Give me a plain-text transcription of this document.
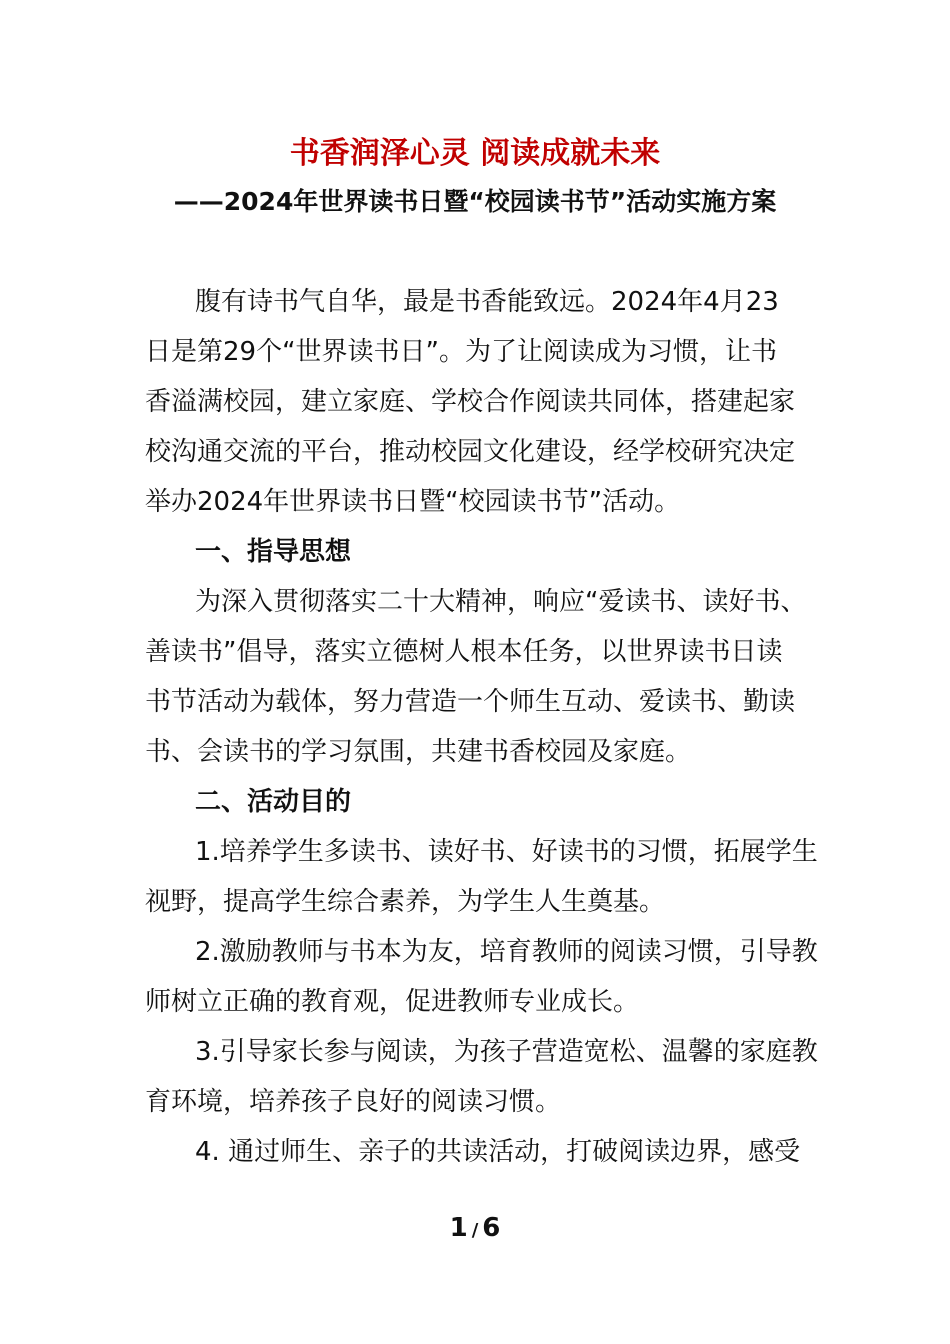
书香润泽心灵 阅读成就未来
——2024年世界读书日暨“校园读书节”活动实施方案
腹有诗书气自华，最是书香能致远。2024年4月23
日是第29个“世界读书日”。为了让阅读成为习惯，让书
香溢满校园，建立家庭、学校合作阅读共同体，搭建起家
校沟通交流的平台，推动校园文化建设，经学校研究决定
举办2024年世界读书日暨“校园读书节”活动。
一、指导思想
为深入贯彻落实二十大精神，响应“爱读书、读好书、
善读书”倡导，落实立德树人根本任务，以世界读书日读
书节活动为载体，努力营造一个师生互动、爱读书、勤读
书、会读书的学习氛围，共建书香校园及家庭。
二、活动目的
1.培养学生多读书、读好书、好读书的习惯，拓展学生
视野，提高学生综合素养，为学生人生奠基。
2.激励教师与书本为友，培育教师的阅读习惯，引导教
师树立正确的教育观，促进教师专业成长。
3.引导家长参与阅读，为孩子营造宽松、温馨的家庭教
育环境，培养孩子良好的阅读习惯。
4. 通过师生、亲子的共读活动，打破阅读边界，感受
1 / 6
